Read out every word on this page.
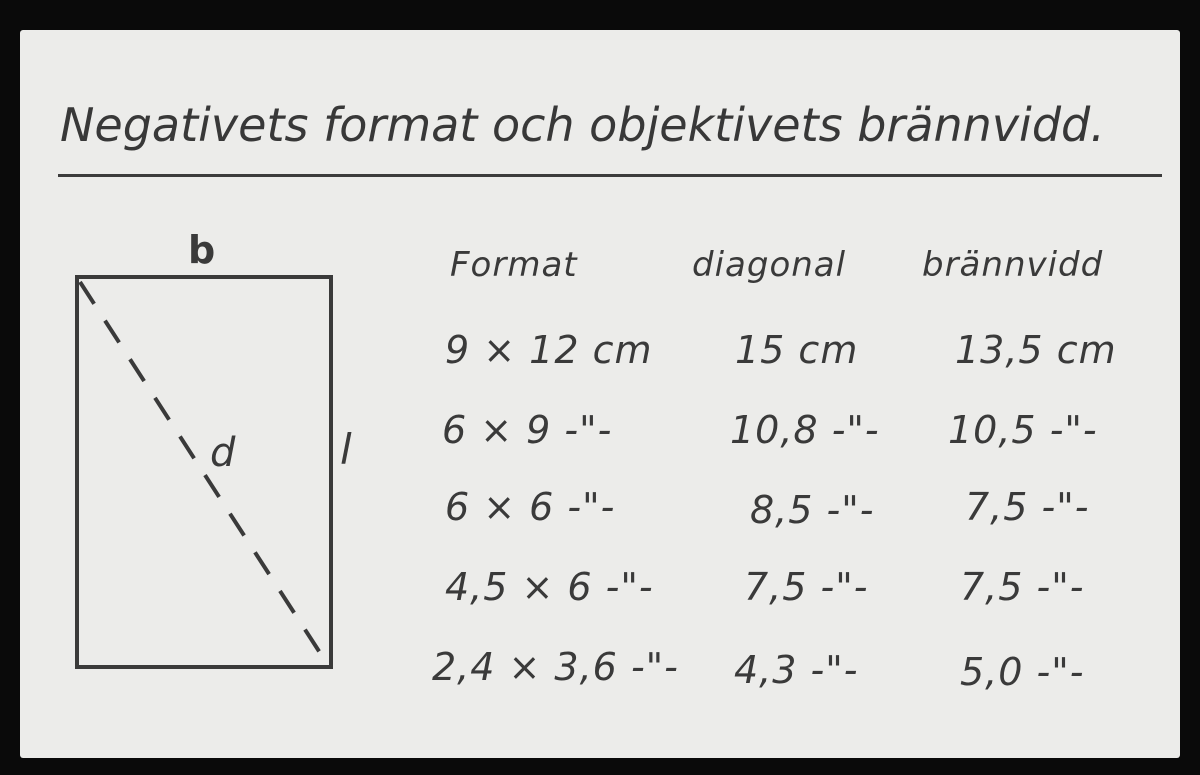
Negativets format och objektivets brännvidd.
b
d l
Format	diagonal brännvidd
9 × 12 cm 15 cm	13,5 cm
6 × 9 -"-	10,8 -"- 10,5 -"-
6 × 6 -"-	8,5 -"- 7,5 -"-
4,5 × 6 -"- 7,5 -"- 7,5 -"-
2,4 × 3,6 -"- 4,3 -"-	5,0 -"-
